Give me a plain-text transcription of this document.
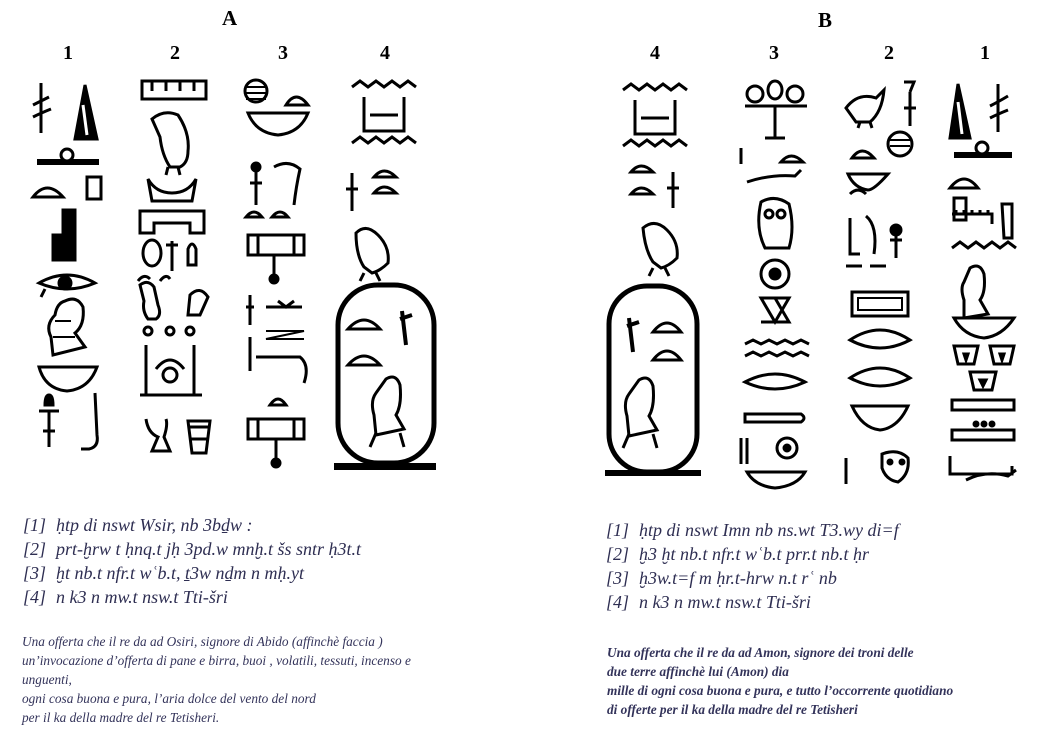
A
1	2	3	4
[1] ḥtp di nswt Wsir, nb 3bḏw :
[2] prt-ḫrw t ḥnq.t jḥ 3pd.w mnḫ.t šs sntr ḥ3t.t
[3] ḫt nb.t nfr.t wʿb.t, ṯ3w nḏm n mḥ.yt
[4] n k3 n mw.t nsw.t Tti-šri
Una offerta che il re da ad Osiri, signore di Abido (affinchè faccia )
un’invocazione d’offerta di pane e birra, buoi , volatili, tessuti, incenso e
unguenti,
ogni cosa buona e pura, l’aria dolce del vento del nord
per il ka della madre del re Tetisheri.
B
4	3	2	1
[1] ḥtp di nswt Imn nb ns.wt T3.wy di=f
[2] ḫ3 ḫt nb.t nfr.t wʿb.t prr.t nb.t ḥr
[3] ḫ3w.t=f m ḥr.t-hrw n.t rʿ nb
[4] n k3 n mw.t nsw.t Tti-šri
Una offerta che il re da ad Amon, signore dei troni delle
due terre affinchè lui (Amon) dia
mille di ogni cosa buona e pura, e tutto l’occorrente quotidiano
di offerte per il ka della madre del re Tetisheri
